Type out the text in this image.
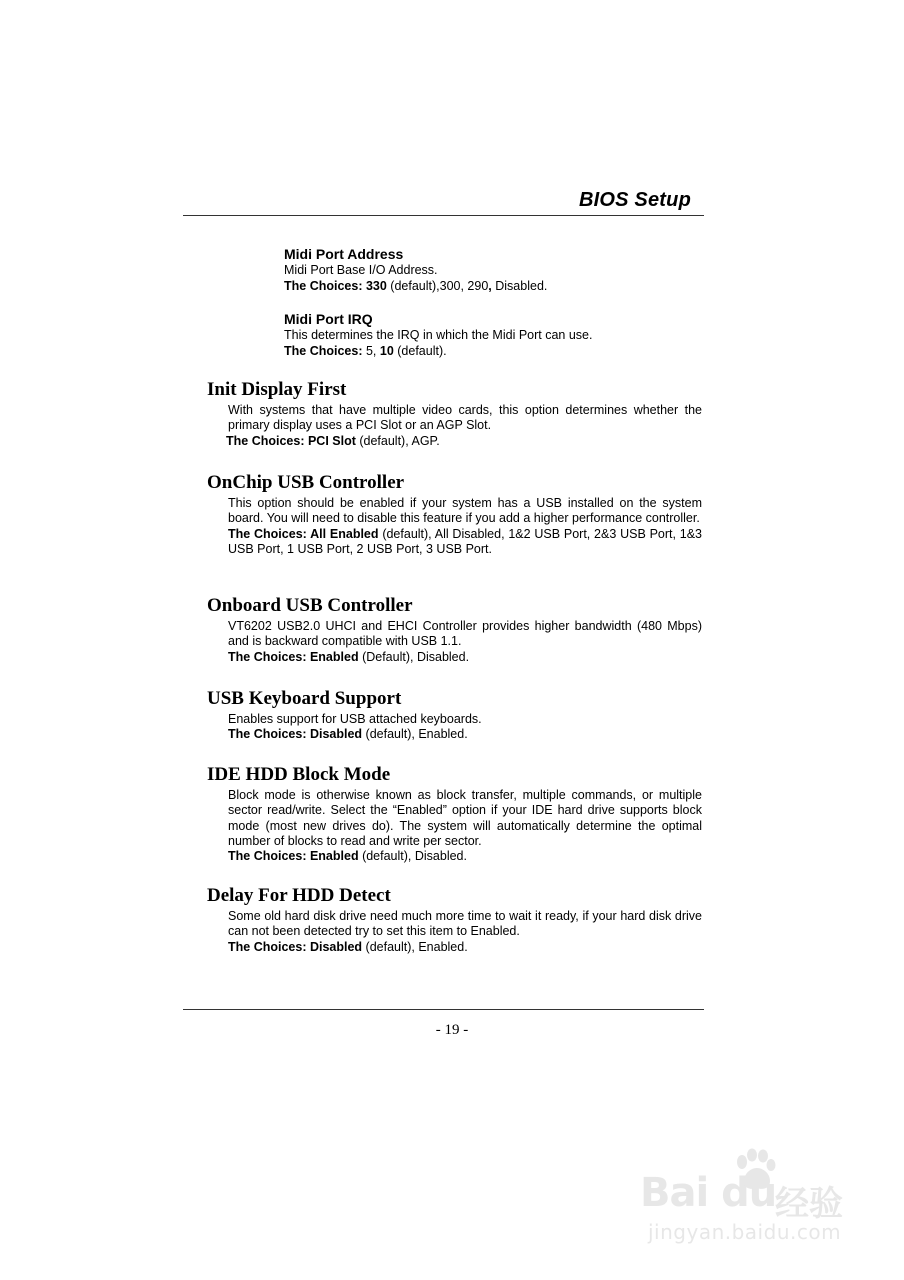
BIOS Setup
Midi Port Address
Midi Port Base I/O Address.
The Choices: 330 (default),300, 290, Disabled.
Midi Port IRQ
This determines the IRQ in which the Midi Port can use.
The Choices: 5, 10 (default).
Init Display First

With systems that have multiple video cards, this option determines whether the primary display uses a PCI Slot or an AGP Slot.

The Choices: PCI Slot (default), AGP.
OnChip USB Controller

This option should be enabled if your system has a USB installed on the system board. You will need to disable this feature if you add a higher performance controller.

The Choices: All Enabled (default), All Disabled, 1&2 USB Port, 2&3 USB Port, 1&3 USB Port, 1 USB Port, 2 USB Port, 3 USB Port.
Onboard USB Controller

VT6202 USB2.0 UHCI and EHCI Controller provides higher bandwidth (480 Mbps) and is backward compatible with USB 1.1.

The Choices: Enabled (Default), Disabled.
USB Keyboard Support

Enables support for USB attached keyboards.

The Choices: Disabled (default), Enabled.
IDE HDD Block Mode

Block mode is otherwise known as block transfer, multiple commands, or multiple sector read/write. Select the “Enabled” option if your IDE hard drive supports block mode (most new drives do). The system will automatically determine the optimal number of blocks to read and write per sector.

The Choices: Enabled (default), Disabled.
Delay For HDD Detect

Some old hard disk drive need much more time to wait it ready, if your hard disk drive can not been detected try to set this item to Enabled.

The Choices: Disabled (default), Enabled.
- 19 -
Bai du
经验
jingyan.baidu.com
